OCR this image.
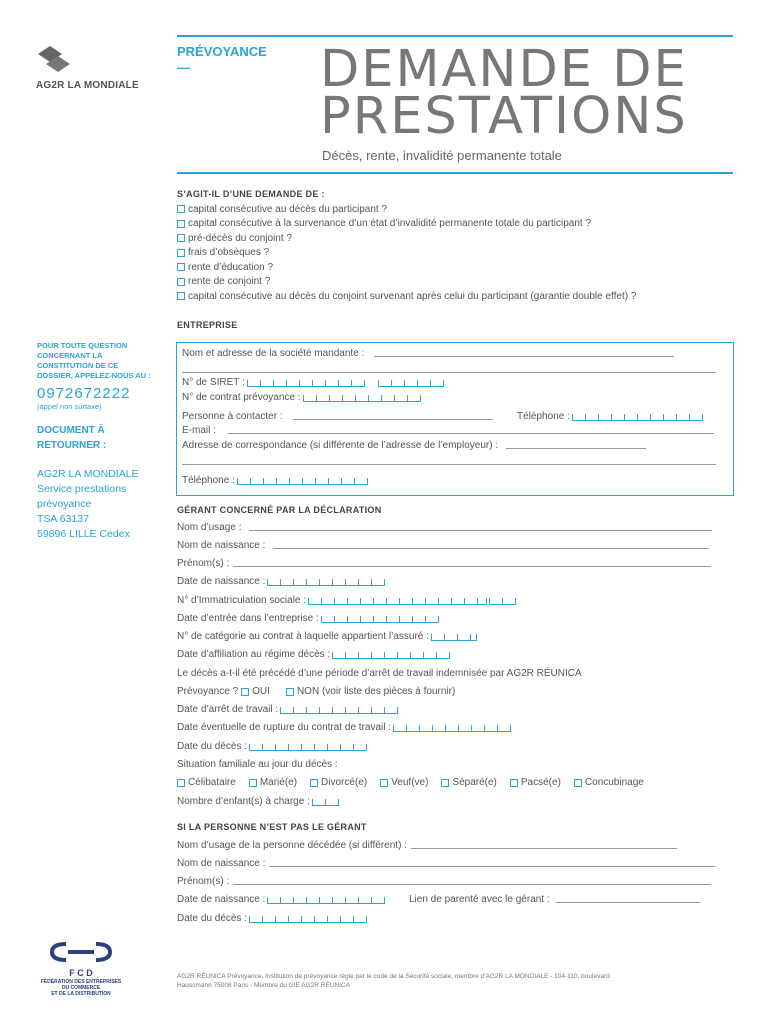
AG2R LA MONDIALE
PRÉVOYANCE
—	DEMANDE DE
PRESTATIONS
Décès, rente, invalidité permanente totale
S’AGIT-IL D’UNE DEMANDE DE :
capital consécutive au décès du participant ?
capital consécutive à la survenance d’un état d’invalidité permanente totale du participant ?
pré-décès du conjoint ?
frais d’obsèques ?
rente d’éducation ?
rente de conjoint ?
capital consécutive au décès du conjoint survenant après celui du participant (garantie double effet) ?
POUR TOUTE QUESTION
CONCERNANT LA
CONSTITUTION DE CE
DOSSIER, APPELEZ-NOUS AU :
0972672222
(appel non surtaxé)
DOCUMENT À
RETOURNER :
AG2R LA MONDIALE
Service prestations
prévoyance
TSA 63137
59896 LILLE Cedex
ENTREPRISE
Nom et adresse de la société mandante :
N° de SIRET :
N° de contrat prévoyance :
Personne à contacter :	Téléphone :
E-mail :
Adresse de correspondance (si différente de l’adresse de l’employeur) :
Téléphone :
GÉRANT CONCERNÉ PAR LA DÉCLARATION
Nom d’usage :
Nom de naissance :
Prénom(s) :
Date de naissance :
N° d’Immatriculation sociale :
Date d’entrée dans l’entreprise :
N° de catégorie au contrat à laquelle appartient l’assuré :
Date d’affiliation au régime décès :
Le décès a-t-il été précédé d’une période d’arrêt de travail indemnisée par AG2R RÉUNICA
Prévoyance ? OUI	NON (voir liste des pièces à fournir)
Date d’arrêt de travail :
Date éventuelle de rupture du contrat de travail :
Date du décès :
Situation familiale au jour du décès :
Célibataire Marié(e) Divorcé(e) Veuf(ve) Séparé(e) Pacsé(e) Concubinage
Nombre d’enfant(s) à charge :
SI LA PERSONNE N’EST PAS LE GÉRANT
Nom d’usage de la personne décédée (si différent) :
Nom de naissance :
Prénom(s) :
Date de naissance :	Lien de parenté avec le gérant :
Date du décès :
F C D
FÉDÉRATION DES ENTREPRISES
DU COMMERCE
ET DE LA DISTRIBUTION
AG2R RÉUNICA Prévoyance, Institution de prévoyance régie par le code de la Sécurité sociale, membre d’AG2R LA MONDIALE - 104-110, boulevard
Haussmann 75008 Paris - Membre du GIE AG2R RÉUNICA
